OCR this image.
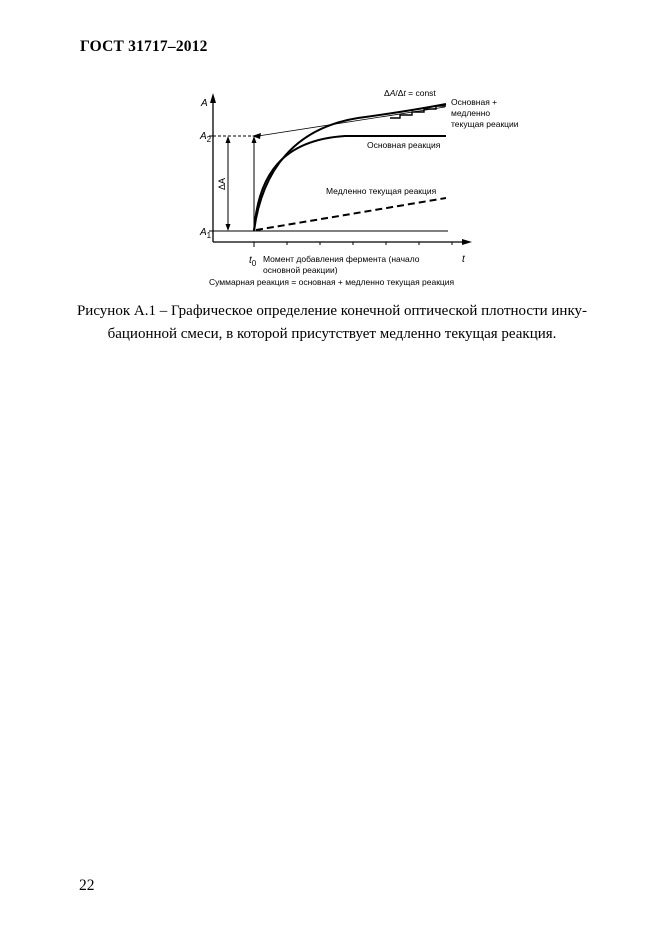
ГОСТ 31717–2012
A
t
$A_2$
$A_1$
$t_0$
ΔA
ΔA/Δt = const
Основная + медленно текущая реакции
Основная реакция
Медленно текущая реакция
Момент добавления фермента (начало основной реакции)
Суммарная реакция = основная + медленно текущая реакция
Рисунок А.1 – Графическое определение конечной оптической плотности инку-
бационной смеси, в которой присутствует медленно текущая реакция.
22
